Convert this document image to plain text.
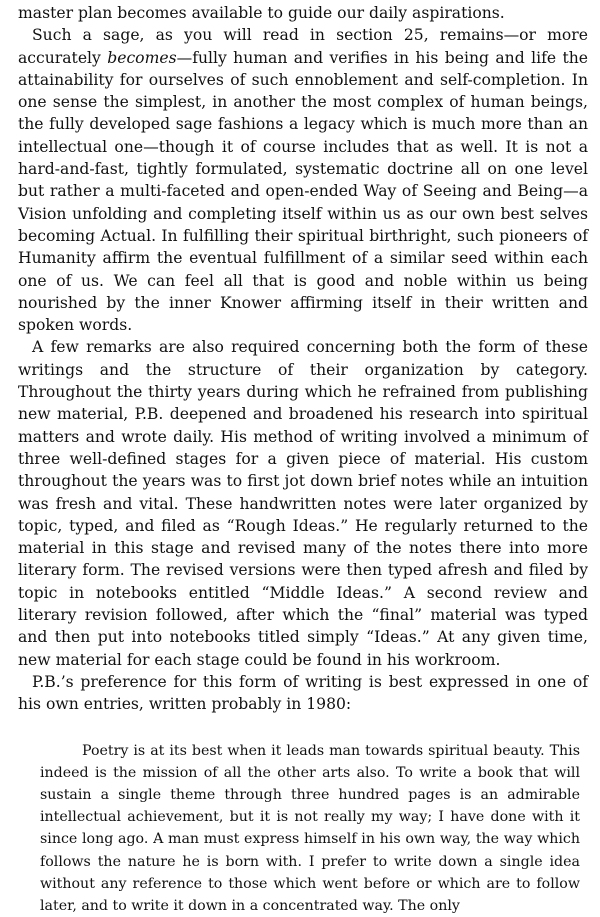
master plan becomes available to guide our daily aspirations.

Such a sage, as you will read in section 25, remains—or more accurately becomes—fully human and verifies in his being and life the attainability for ourselves of such ennoblement and self-completion. In one sense the simplest, in another the most complex of human beings, the fully developed sage fashions a legacy which is much more than an intellectual one—though it of course includes that as well. It is not a hard-and-fast, tightly formulated, systematic doctrine all on one level but rather a multi-faceted and open-ended Way of Seeing and Being—a Vision unfolding and completing itself within us as our own best selves becoming Actual. In fulfilling their spiritual birthright, such pioneers of Humanity affirm the eventual fulfillment of a similar seed within each one of us. We can feel all that is good and noble within us being nourished by the inner Knower affirming itself in their written and spoken words.

A few remarks are also required concerning both the form of these writings and the structure of their organization by category. Throughout the thirty years during which he refrained from publishing new material, P.B. deepened and broadened his research into spiritual matters and wrote daily. His method of writing involved a minimum of three well-defined stages for a given piece of material. His custom throughout the years was to first jot down brief notes while an intuition was fresh and vital. These handwritten notes were later organized by topic, typed, and filed as “Rough Ideas.” He regularly returned to the material in this stage and revised many of the notes there into more literary form. The revised versions were then typed afresh and filed by topic in notebooks entitled “Middle Ideas.” A second review and literary revision followed, after which the “final” material was typed and then put into notebooks titled simply “Ideas.” At any given time, new material for each stage could be found in his workroom.

P.B.’s preference for this form of writing is best expressed in one of his own entries, written probably in 1980:

Poetry is at its best when it leads man towards spiritual beauty. This indeed is the mission of all the other arts also. To write a book that will sustain a single theme through three hundred pages is an admirable intellectual achievement, but it is not really my way; I have done with it since long ago. A man must express himself in his own way, the way which follows the nature he is born with. I prefer to write down a single idea without any reference to those which went before or which are to follow later, and to write it down in a concentrated way. The only
